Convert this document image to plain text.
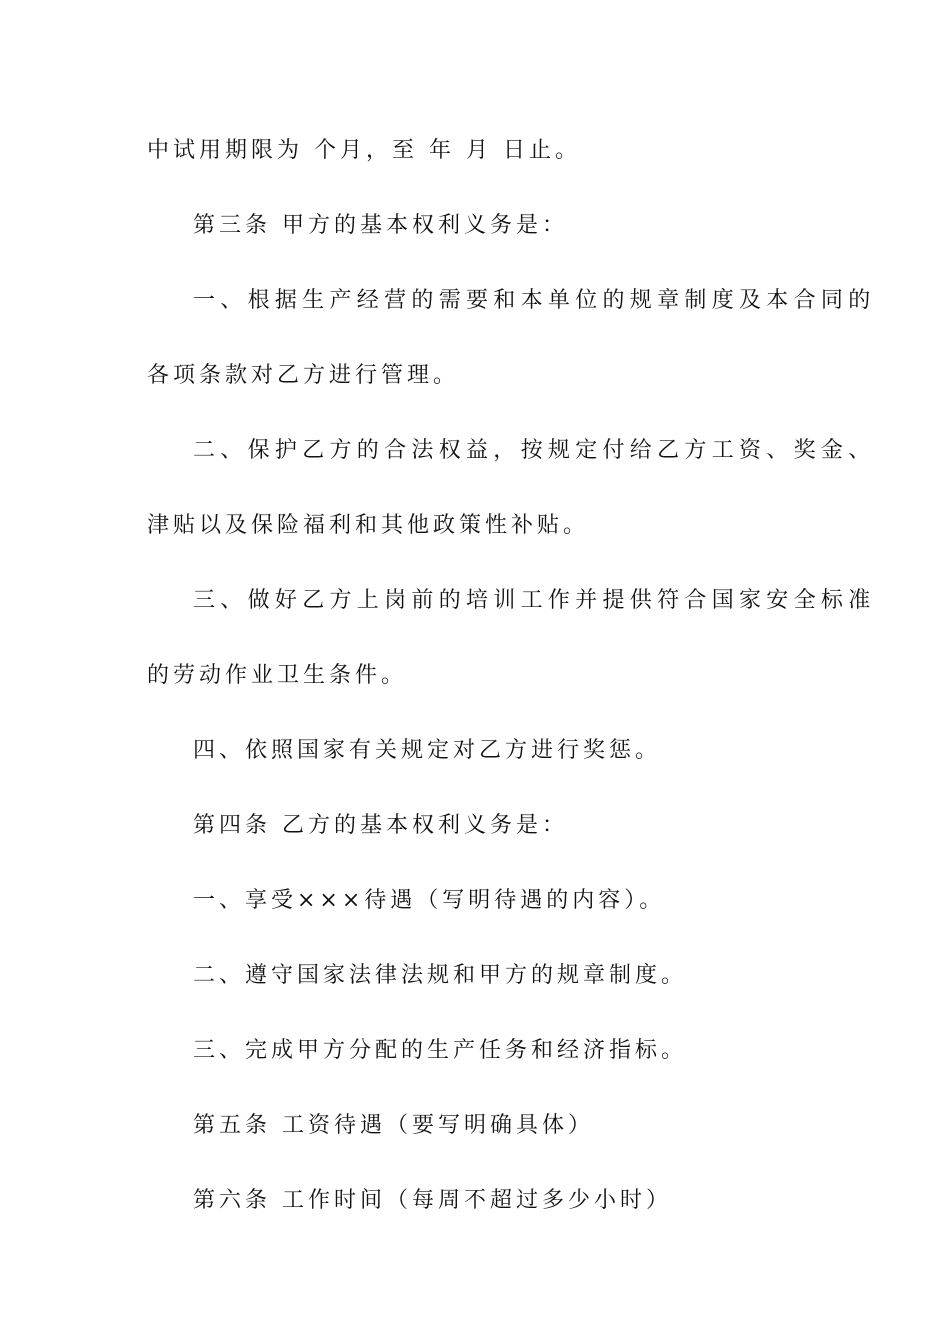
中试用期限为 个月，至 年 月 日止。
第三条 甲方的基本权利义务是：
一、根据生产经营的需要和本单位的规章制度及本合同的
各项条款对乙方进行管理。
二、保护乙方的合法权益，按规定付给乙方工资、奖金、
津贴以及保险福利和其他政策性补贴。
三、做好乙方上岗前的培训工作并提供符合国家安全标准
的劳动作业卫生条件。
四、依照国家有关规定对乙方进行奖惩。
第四条 乙方的基本权利义务是：
一、享受×××待遇（写明待遇的内容）。
二、遵守国家法律法规和甲方的规章制度。
三、完成甲方分配的生产任务和经济指标。
第五条 工资待遇（要写明确具体）
第六条 工作时间（每周不超过多少小时）
